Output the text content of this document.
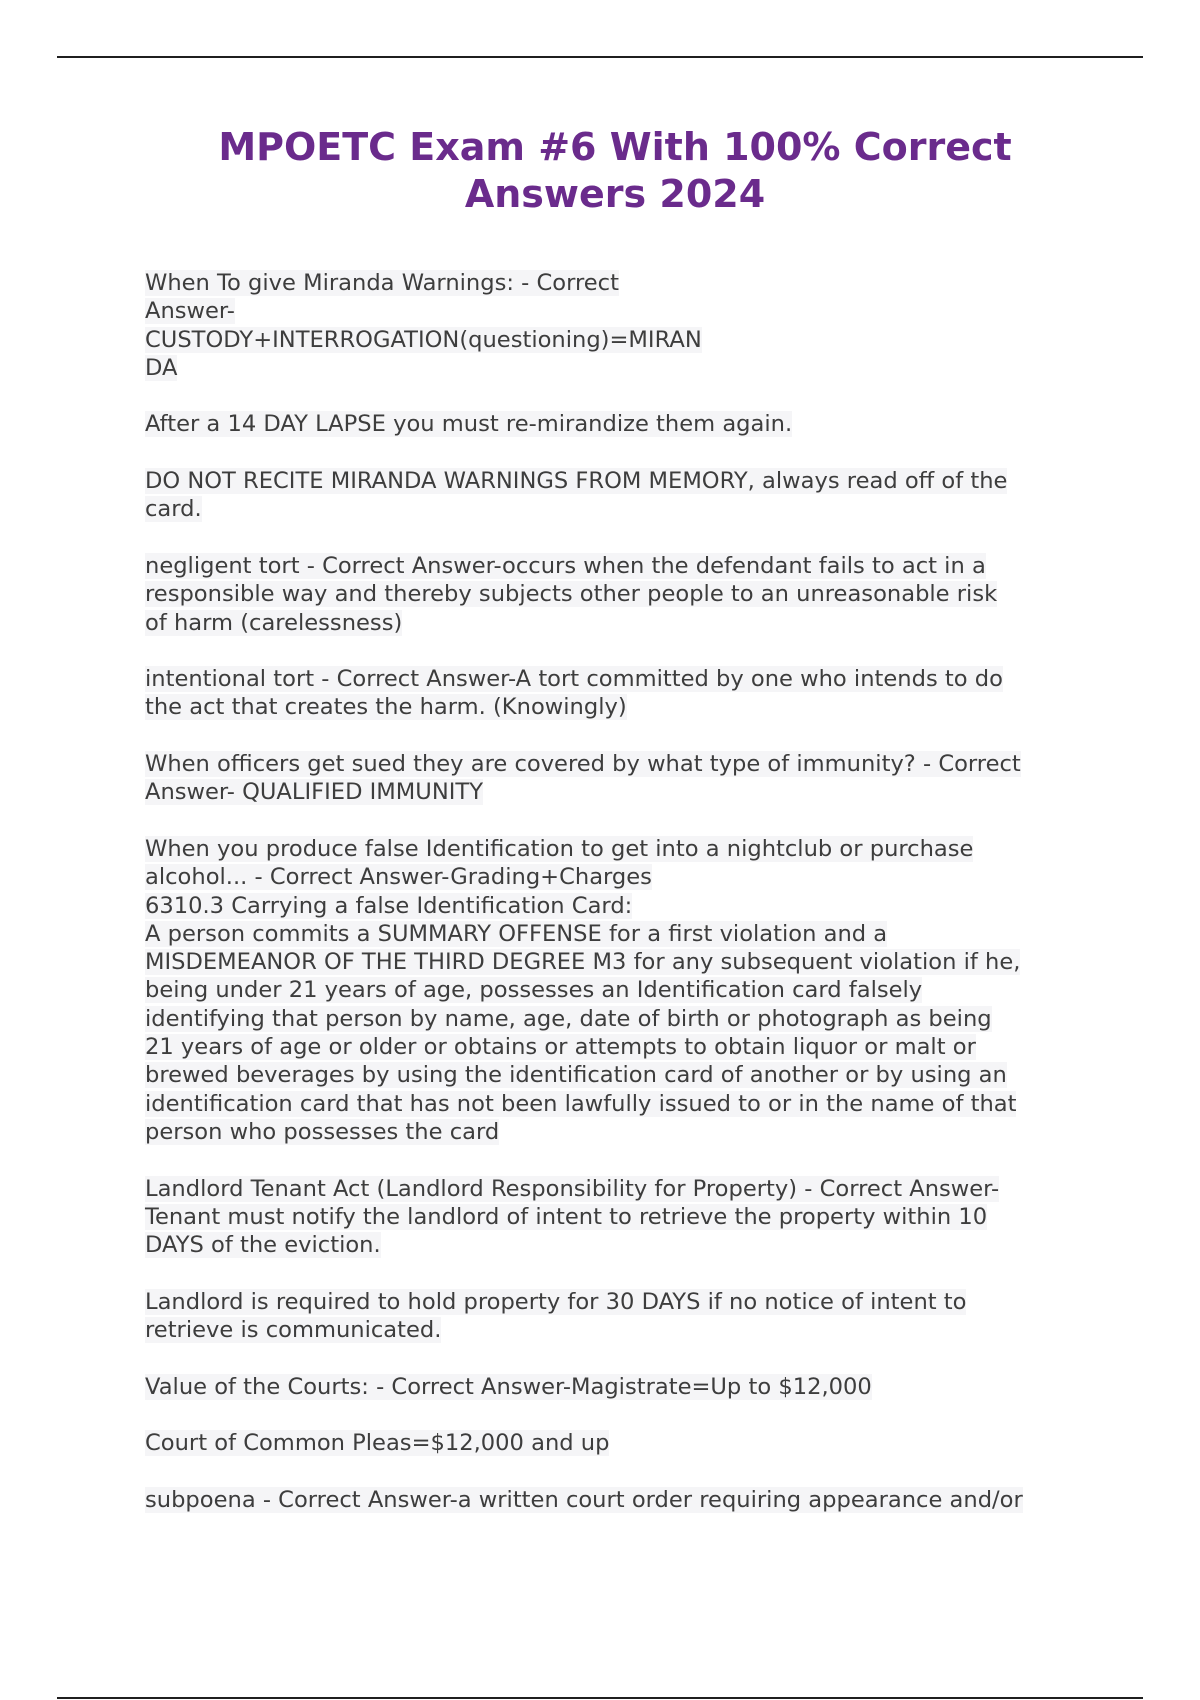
MPOETC Exam #6 With 100% Correct
Answers 2024

When To give Miranda Warnings: - Correct
Answer-
CUSTODY+INTERROGATION(questioning)=MIRAN
DA

After a 14 DAY LAPSE you must re-mirandize them again.

DO NOT RECITE MIRANDA WARNINGS FROM MEMORY, always read off of the
card.

negligent tort - Correct Answer-occurs when the defendant fails to act in a
responsible way and thereby subjects other people to an unreasonable risk
of harm (carelessness)

intentional tort - Correct Answer-A tort committed by one who intends to do
the act that creates the harm. (Knowingly)

When officers get sued they are covered by what type of immunity? - Correct
Answer- QUALIFIED IMMUNITY

When you produce false Identification to get into a nightclub or purchase
alcohol... - Correct Answer-Grading+Charges
6310.3 Carrying a false Identification Card:
A person commits a SUMMARY OFFENSE for a first violation and a
MISDEMEANOR OF THE THIRD DEGREE M3 for any subsequent violation if he,
being under 21 years of age, possesses an Identification card falsely
identifying that person by name, age, date of birth or photograph as being
21 years of age or older or obtains or attempts to obtain liquor or malt or
brewed beverages by using the identification card of another or by using an
identification card that has not been lawfully issued to or in the name of that
person who possesses the card

Landlord Tenant Act (Landlord Responsibility for Property) - Correct Answer-
Tenant must notify the landlord of intent to retrieve the property within 10
DAYS of the eviction.

Landlord is required to hold property for 30 DAYS if no notice of intent to
retrieve is communicated.

Value of the Courts: - Correct Answer-Magistrate=Up to $12,000

Court of Common Pleas=$12,000 and up

subpoena - Correct Answer-a written court order requiring appearance and/or
